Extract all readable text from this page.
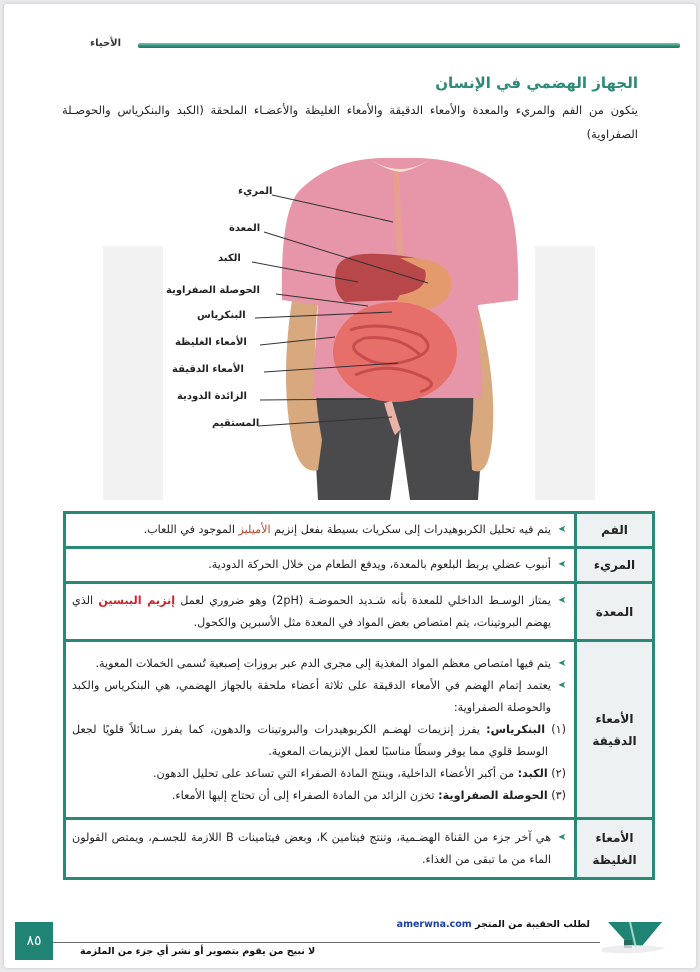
الأحياء
الجهاز الهضمي في الإنسان
يتكون من الفم والمريء والمعدة والأمعاء الدقيقة والأمعاء الغليظة والأعضـاء الملحقة (الكبد والبنكرياس والحوصـلة الصفراوية)
المريء
المعدة
الكبد
الحوصلة الصفراوية
البنكرياس
الأمعاء الغليظة
الأمعاء الدقيقة
الزائدة الدودية
المستقيم
الفم	➤ يتم فيه تحليل الكربوهيدرات إلى سكريات بسيطة بفعل إنزيم الأميليز الموجود في اللعاب.

المريء	➤ أنبوب عضلي يربط البلعوم بالمعدة، ويدفع الطعام من خلال الحركة الدودية.

المعدة	➤ يمتاز الوسـط الداخلي للمعدة بأنه شـديد الحموضـة (2pH) وهو ضروري لعمل إنزيم الببسين الذي يهضم البروتينات، يتم امتصاص بعض المواد في المعدة مثل الأسبرين والكحول.

الأمعاء الدقيقة	➤ يتم فيها امتصاص معظم المواد المغذية إلى مجرى الدم عبر بروزات إصبعية تُسمى الخملات المعوية.
➤ يعتمد إتمام الهضم في الأمعاء الدقيقة على ثلاثة أعضاء ملحقة بالجهاز الهضمي، هي البنكرياس والكبد والحوصلة الصفراوية:
(١) البنكرياس: يفرز إنزيمات لهضـم الكربوهيدرات والبروتينات والدهون، كما يفرز سـائلاً قلويًا لجعل الوسط قلوي مما يوفر وسطًا مناسبًا لعمل الإنزيمات المعوية.
(٢) الكبد: من أكبر الأعضاء الداخلية، وينتج المادة الصفراء التي تساعد على تحليل الدهون.
(٣) الحوصلة الصفراوية: تخزن الزائد من المادة الصفراء إلى أن تحتاج إليها الأمعاء.

الأمعاء الغليظة	➤ هي آخر جزء من القناة الهضـمية، وتنتج فيتامين K، وبعض فيتامينات B اللازمة للجسـم، ويمتص القولون الماء من ما تبقى من الغذاء.
٨٥
لطلب الحقيبة من المتجر amerwna.com
لا نبيح من يقوم بتصوير أو نشر أي جزء من الملزمة
